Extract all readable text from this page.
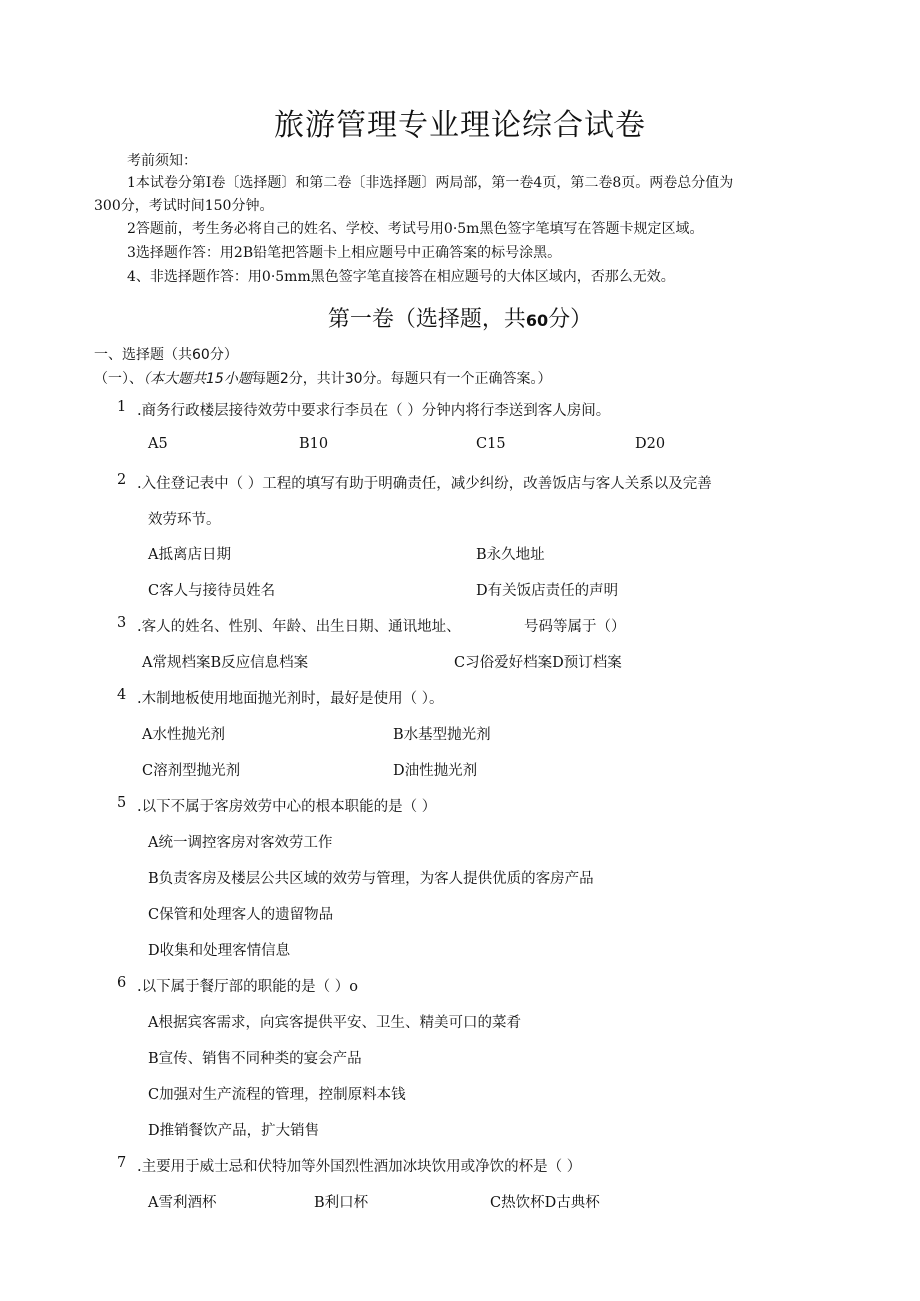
旅游管理专业理论综合试卷
考前须知：
1本试卷分第I卷〔选择题〕和第二卷〔非选择题〕两局部，第一卷4页，第二卷8页。两卷总分值为
300分，考试时间150分钟。
2答题前，考生务必将自己的姓名、学校、考试号用0·5m黑色签字笔填写在答题卡规定区域。
3选择题作答：用2B铅笔把答题卡上相应题号中正确答案的标号涂黑。
4、非选择题作答：用0·5mm黑色签字笔直接答在相应题号的大体区域内，否那么无效。
第一卷（选择题，共60分）
一、选择题（共60分）
（一）、（本大题共15小题每题2分，共计30分。每题只有一个正确答案。）
1 .商务行政楼层接待效劳中要求行李员在（ ）分钟内将行李送到客人房间。
A5	B10	C15	D20
2 .入住登记表中（ ）工程的填写有助于明确责任，减少纠纷，改善饭店与客人关系以及完善
效劳环节。
A抵离店日期	B永久地址
C客人与接待员姓名	D有关饭店责任的声明
3 .客人的姓名、性别、年龄、出生日期、通讯地址、	号码等属于（）
A常规档案B反应信息档案	C习俗爱好档案D预订档案
4 .木制地板使用地面抛光剂时，最好是使用（ ）。
A水性抛光剂	B水基型抛光剂
C溶剂型抛光剂	D油性抛光剂
5 .以下不属于客房效劳中心的根本职能的是（ ）
A统一调控客房对客效劳工作
B负责客房及楼层公共区域的效劳与管理，为客人提供优质的客房产品
C保管和处理客人的遗留物品
D收集和处理客情信息
6 .以下属于餐厅部的职能的是（ ）o
A根据宾客需求，向宾客提供平安、卫生、精美可口的菜肴
B宣传、销售不同种类的宴会产品
C加强对生产流程的管理，控制原料本钱
D推销餐饮产品，扩大销售
7 .主要用于威士忌和伏特加等外国烈性酒加冰块饮用或净饮的杯是（ ）
A雪利酒杯	B利口杯	C热饮杯D古典杯
